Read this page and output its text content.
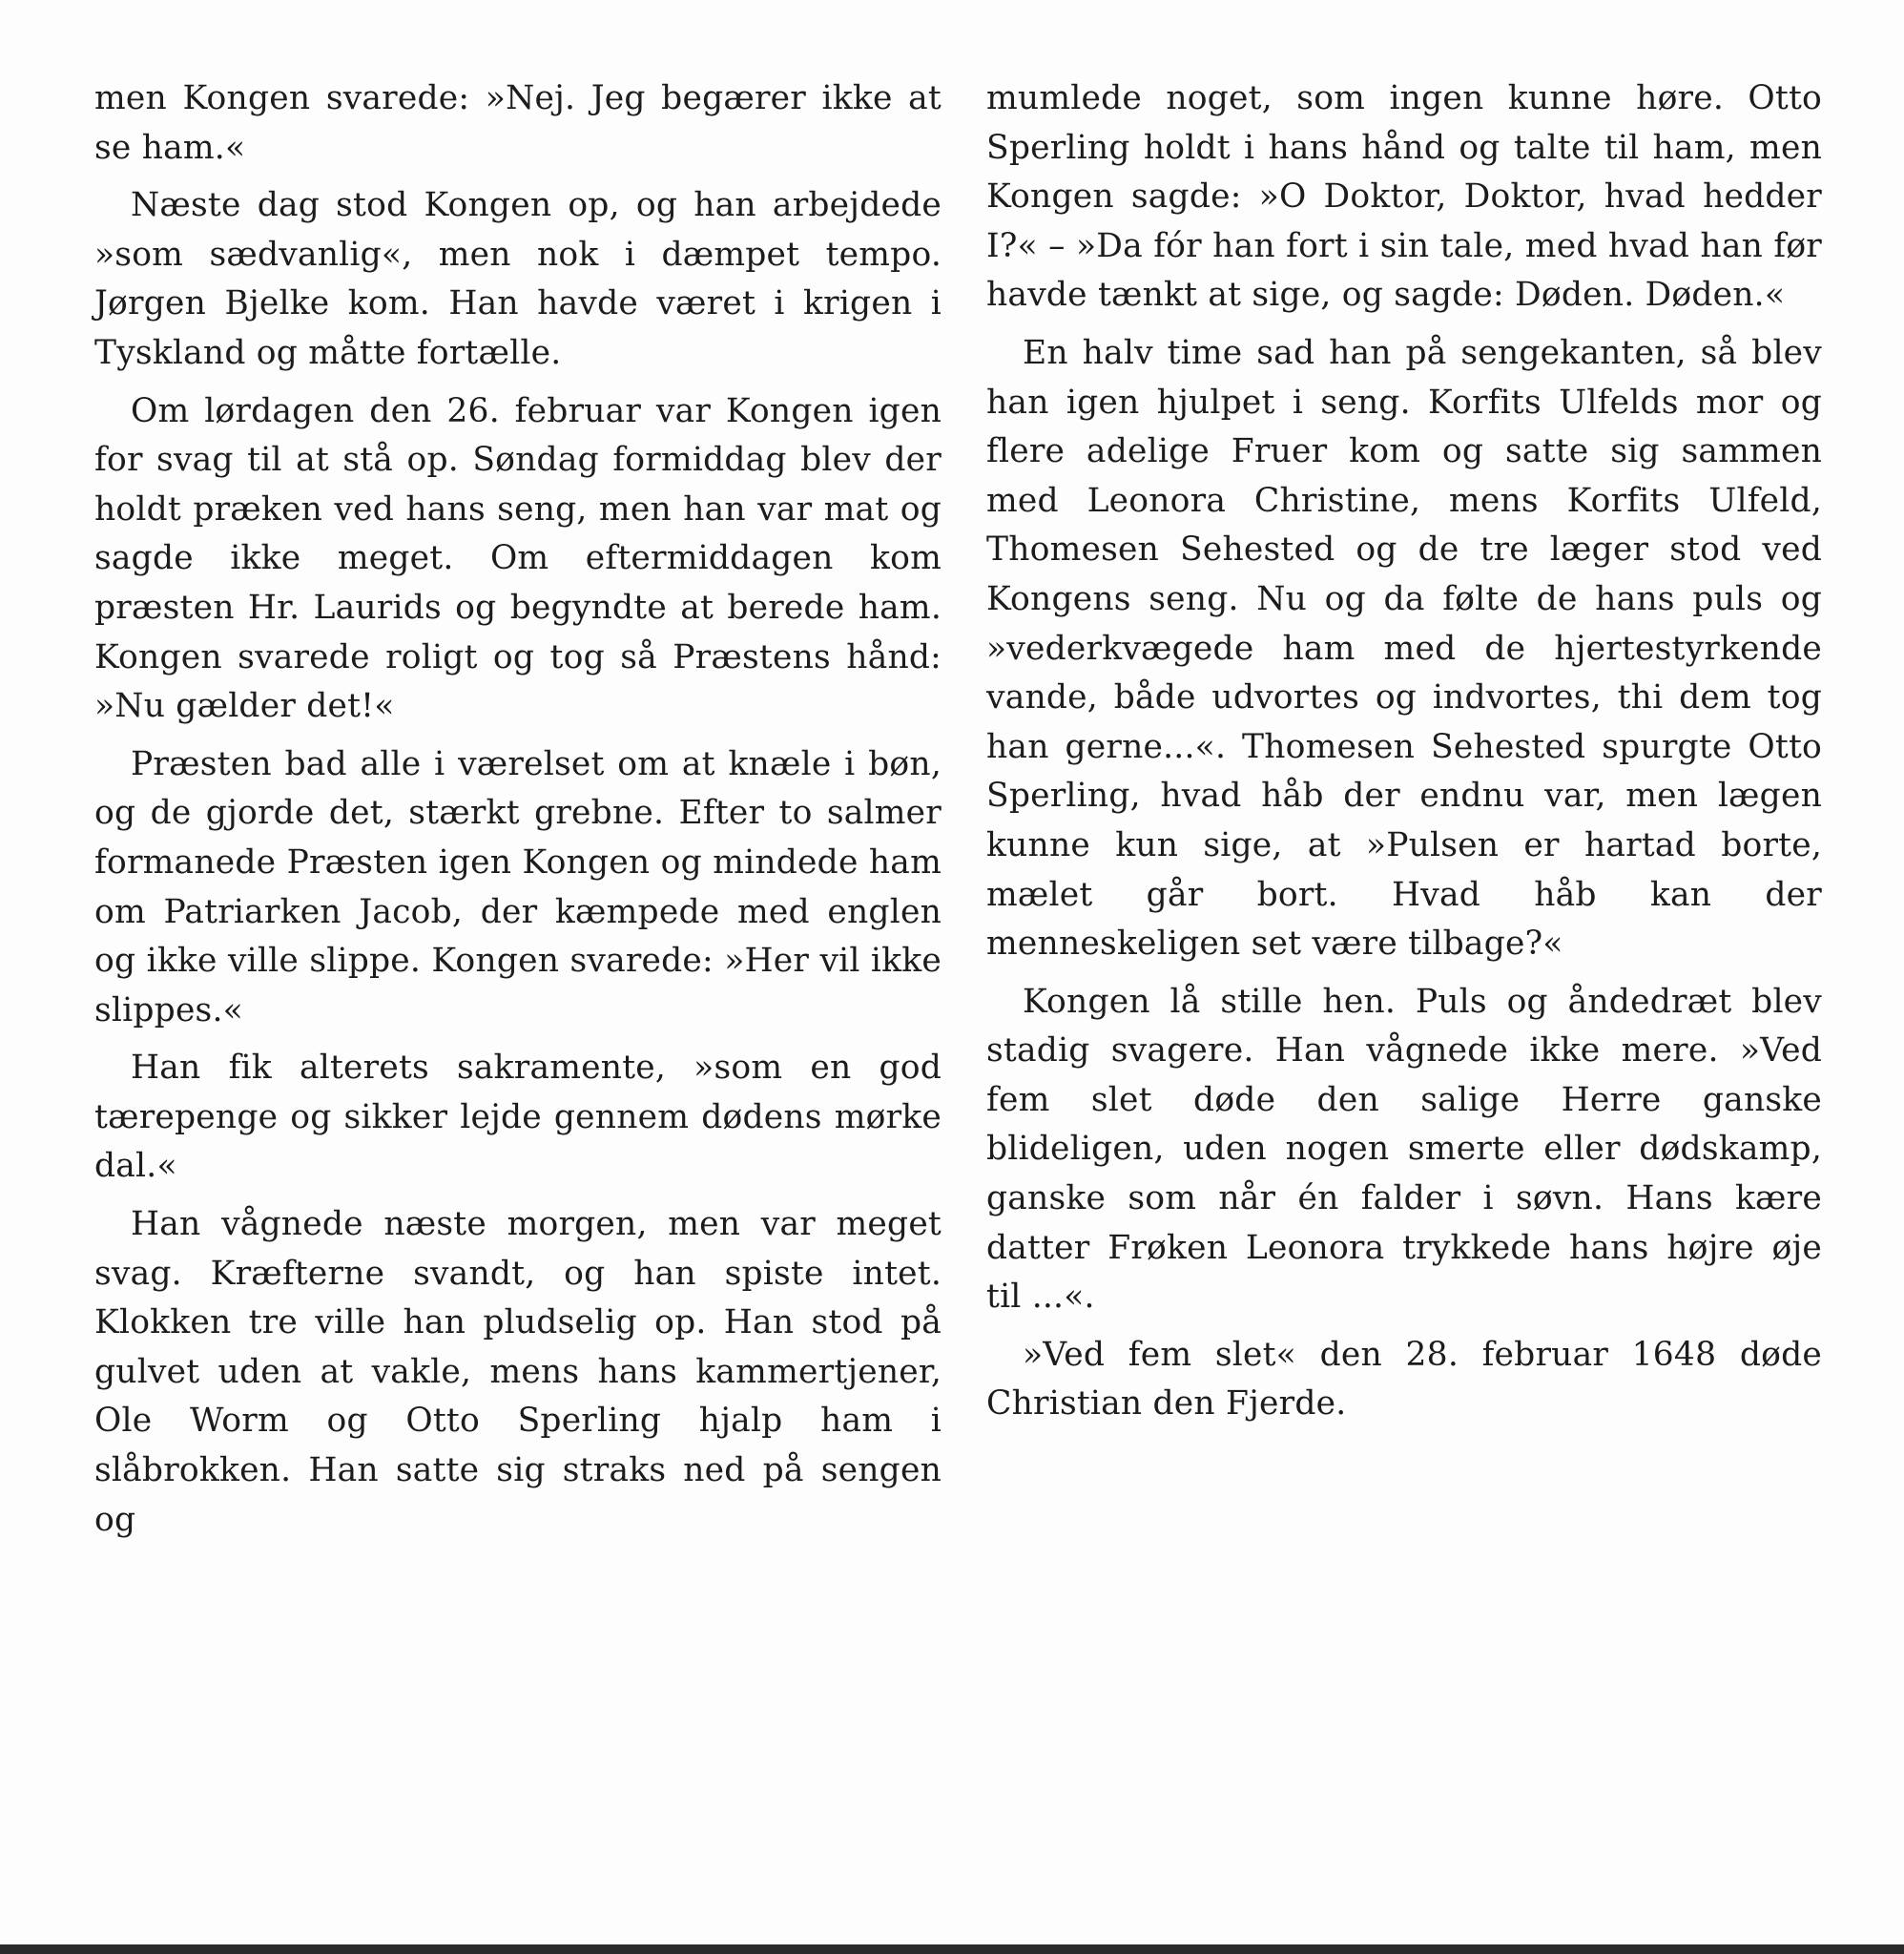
men Kongen svarede: »Nej. Jeg begærer ikke at se ham.«

Næste dag stod Kongen op, og han arbejdede »som sædvanlig«, men nok i dæmpet tempo. Jørgen Bjelke kom. Han havde været i krigen i Tyskland og måtte fortælle.

Om lørdagen den 26. februar var Kongen igen for svag til at stå op. Søndag formiddag blev der holdt præken ved hans seng, men han var mat og sagde ikke meget. Om eftermiddagen kom præsten Hr. Laurids og begyndte at berede ham. Kongen svarede roligt og tog så Præstens hånd: »Nu gælder det!«

Præsten bad alle i værelset om at knæle i bøn, og de gjorde det, stærkt grebne. Efter to salmer formanede Præsten igen Kongen og mindede ham om Patriarken Jacob, der kæmpede med englen og ikke ville slippe. Kongen svarede: »Her vil ikke slippes.«

Han fik alterets sakramente, »som en god tærepenge og sikker lejde gennem dødens mørke dal.«

Han vågnede næste morgen, men var meget svag. Kræfterne svandt, og han spiste intet. Klokken tre ville han pludselig op. Han stod på gulvet uden at vakle, mens hans kammertjener, Ole Worm og Otto Sperling hjalp ham i slåbrokken. Han satte sig straks ned på sengen og

mumlede noget, som ingen kunne høre. Otto Sperling holdt i hans hånd og talte til ham, men Kongen sagde: »O Doktor, Doktor, hvad hedder I?« – »Da fór han fort i sin tale, med hvad han før havde tænkt at sige, og sagde: Døden. Døden.«

En halv time sad han på sengekanten, så blev han igen hjulpet i seng. Korfits Ulfelds mor og flere adelige Fruer kom og satte sig sammen med Leonora Christine, mens Korfits Ulfeld, Thomesen Sehested og de tre læger stod ved Kongens seng. Nu og da følte de hans puls og »vederkvægede ham med de hjertestyrkende vande, både udvortes og indvortes, thi dem tog han gerne...«. Thomesen Sehested spurgte Otto Sperling, hvad håb der endnu var, men lægen kunne kun sige, at »Pulsen er hartad borte, mælet går bort. Hvad håb kan der menneskeligen set være tilbage?«

Kongen lå stille hen. Puls og åndedræt blev stadig svagere. Han vågnede ikke mere. »Ved fem slet døde den salige Herre ganske blideligen, uden nogen smerte eller dødskamp, ganske som når én falder i søvn. Hans kære datter Frøken Leonora trykkede hans højre øje til ...«.

»Ved fem slet« den 28. februar 1648 døde Christian den Fjerde.
